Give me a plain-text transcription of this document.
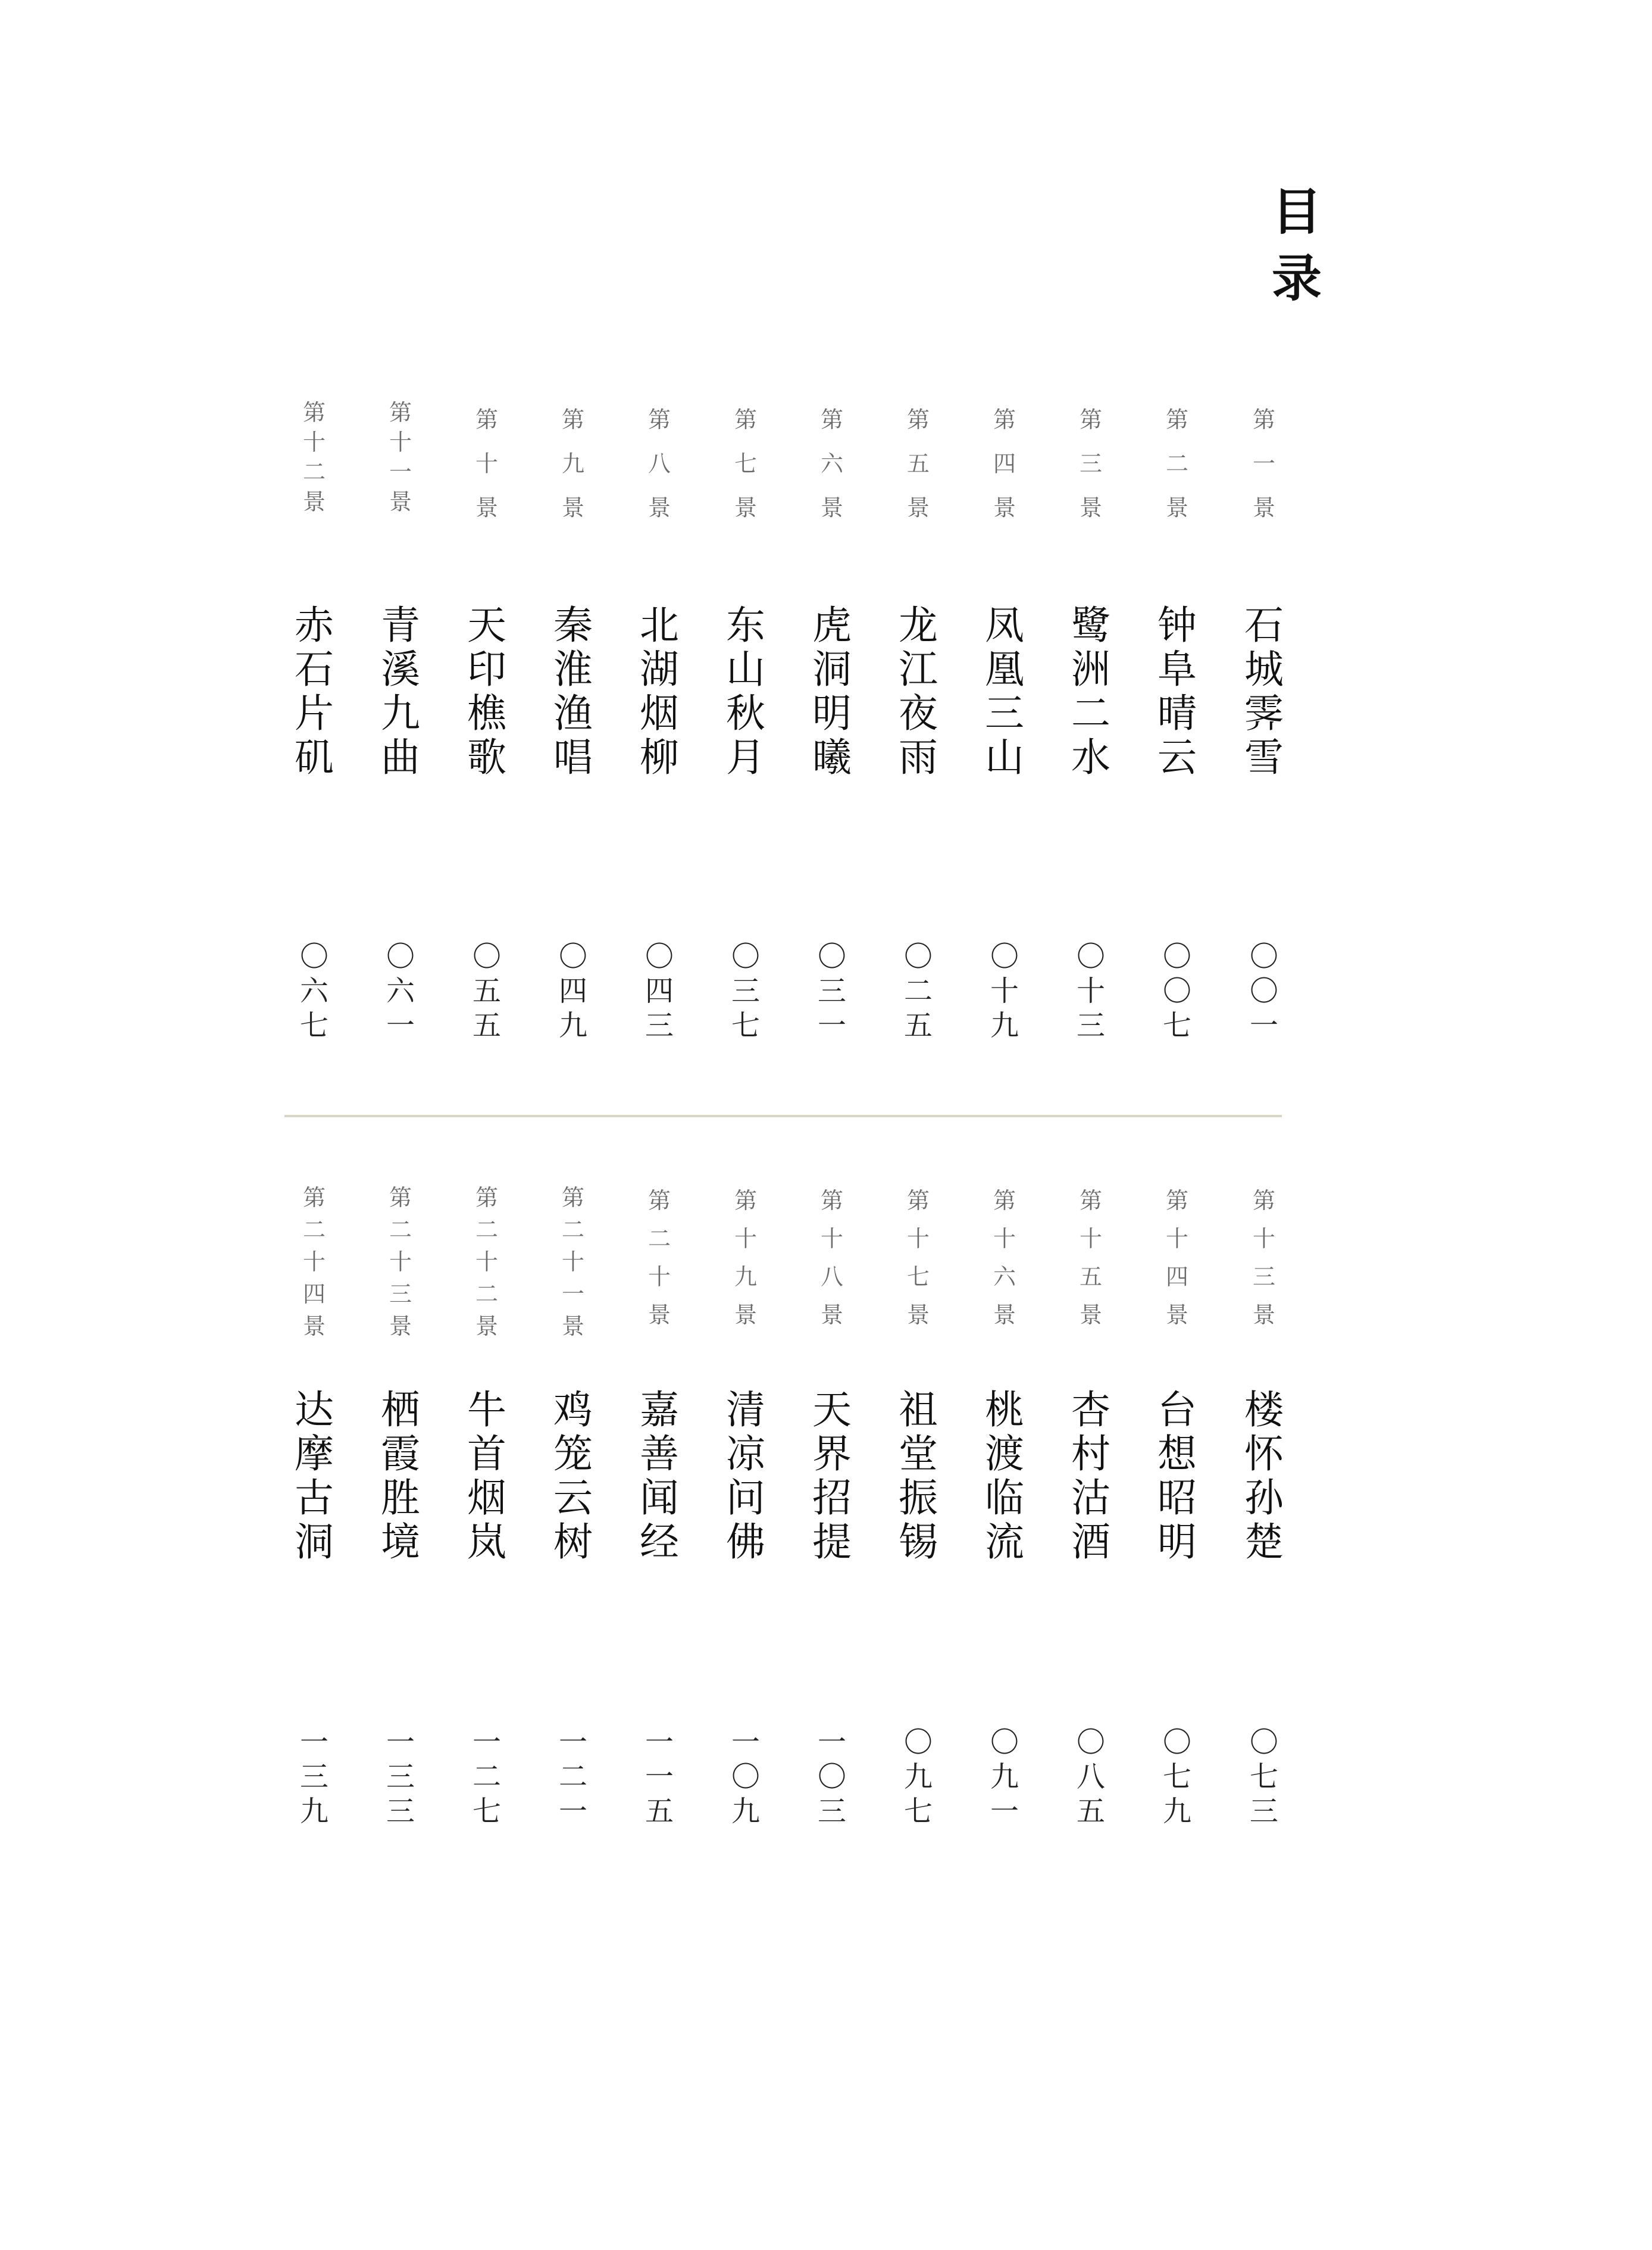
目
录
第
一
景
石
城
霁
雪
〇
〇
一
第
二
景
钟
阜
晴
云
〇
〇
七
第
三
景
鹭
洲
二
水
〇
十
三
第
四
景
凤
凰
三
山
〇
十
九
第
五
景
龙
江
夜
雨
〇
二
五
第
六
景
虎
洞
明
曦
〇
三
一
第
七
景
东
山
秋
月
〇
三
七
第
八
景
北
湖
烟
柳
〇
四
三
第
九
景
秦
淮
渔
唱
〇
四
九
第
十
景
天
印
樵
歌
〇
五
五
第
十
一
景
青
溪
九
曲
〇
六
一
第
十
二
景
赤
石
片
矶
〇
六
七
第
十
三
景
楼
怀
孙
楚
〇
七
三
第
十
四
景
台
想
昭
明
〇
七
九
第
十
五
景
杏
村
沽
酒
〇
八
五
第
十
六
景
桃
渡
临
流
〇
九
一
第
十
七
景
祖
堂
振
锡
〇
九
七
第
十
八
景
天
界
招
提
一
〇
三
第
十
九
景
清
凉
问
佛
一
〇
九
第
二
十
景
嘉
善
闻
经
一
一
五
第
二
十
一
景
鸡
笼
云
树
一
二
一
第
二
十
二
景
牛
首
烟
岚
一
二
七
第
二
十
三
景
栖
霞
胜
境
一
三
三
第
二
十
四
景
达
摩
古
洞
一
三
九
